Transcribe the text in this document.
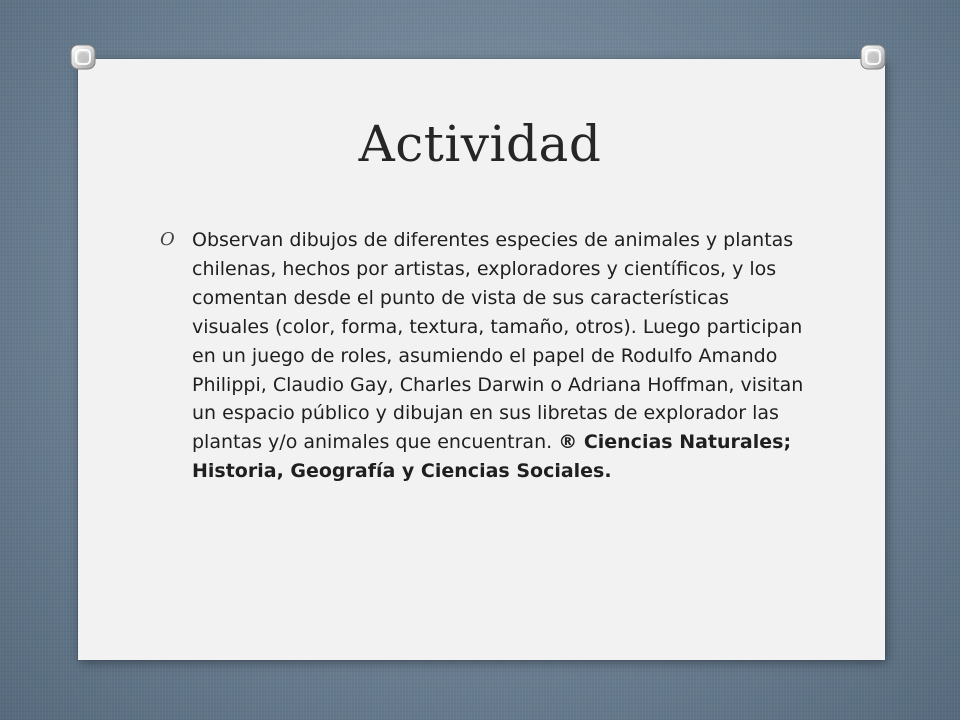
Actividad
O Observan dibujos de diferentes especies de animales y plantas chilenas, hechos por artistas, exploradores y científicos, y los comentan desde el punto de vista de sus características visuales (color, forma, textura, tamaño, otros). Luego participan en un juego de roles, asumiendo el papel de Rodulfo Amando Philippi, Claudio Gay, Charles Darwin o Adriana Hoffman, visitan un espacio público y dibujan en sus libretas de explorador las plantas y/o animales que encuentran. ® Ciencias Naturales; Historia, Geografía y Ciencias Sociales.
